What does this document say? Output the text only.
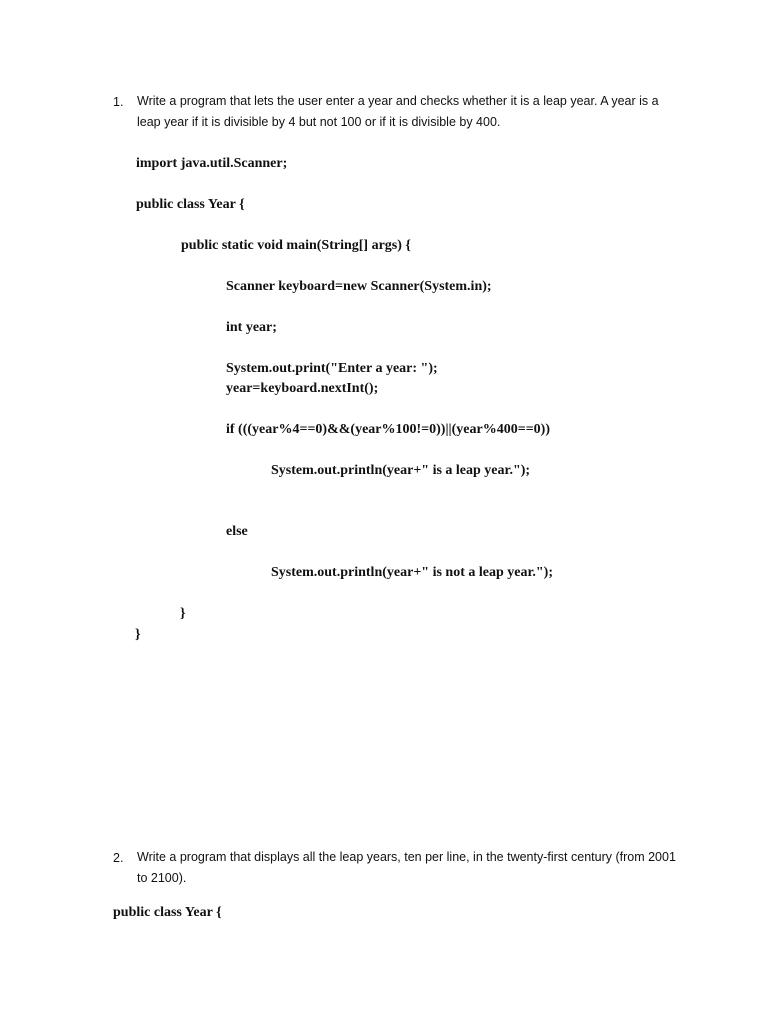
1. Write a program that lets the user enter a year and checks whether it is a leap year. A year is a leap year if it is divisible by 4 but not 100 or if it is divisible by 400.
import java.util.Scanner;
public class Year {
public static void main(String[] args) {
Scanner keyboard=new Scanner(System.in);
int year;
System.out.print("Enter a year: ");
year=keyboard.nextInt();
if (((year%4==0)&&(year%100!=0))||(year%400==0))
System.out.println(year+" is a leap year.");
else
System.out.println(year+" is not a leap year.");
}
}
2. Write a program that displays all the leap years, ten per line, in the twenty-first century (from 2001 to 2100).
public class Year {
